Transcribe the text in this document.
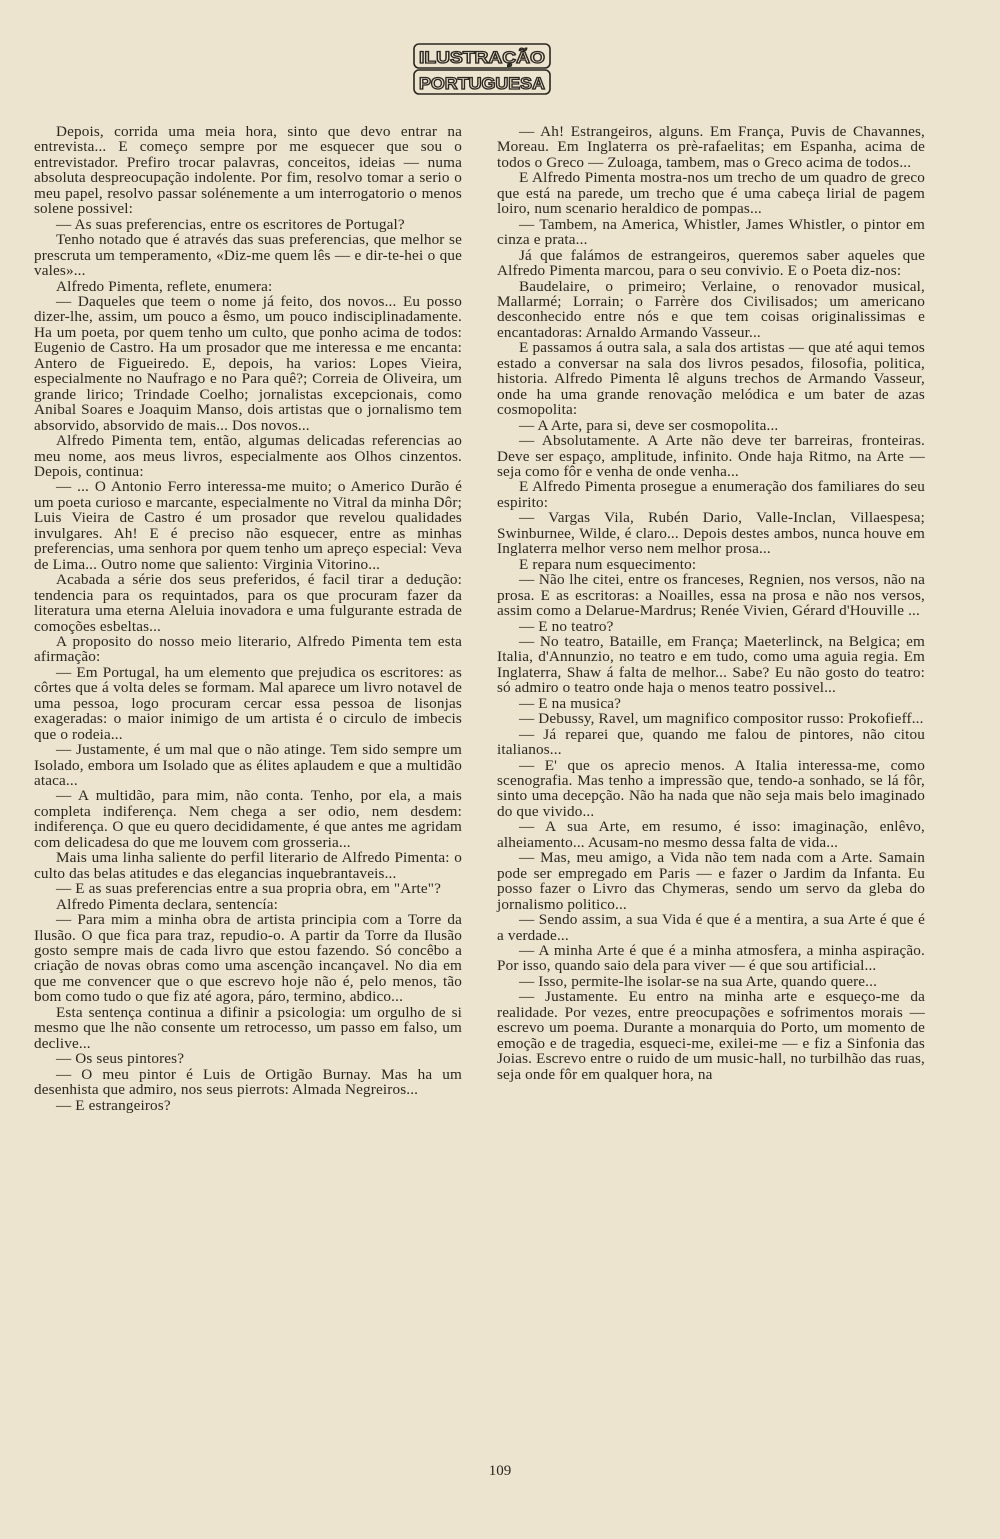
ILUSTRAÇÃO
PORTUGUESA

Depois, corrida uma meia hora, sinto que devo entrar na entrevista... E começo sempre por me esquecer que sou o entrevistador. Prefiro trocar palavras, conceitos, ideias — numa absoluta despreocupação indolente. Por fim, resolvo tomar a serio o meu papel, resolvo passar solénemente a um interrogatorio o menos solene possivel:

— As suas preferencias, entre os escritores de Portugal?

Tenho notado que é através das suas preferencias, que melhor se prescruta um temperamento, «Diz-me quem lês — e dir-te-hei o que vales»...

Alfredo Pimenta, reflete, enumera:

— Daqueles que teem o nome já feito, dos novos... Eu posso dizer-lhe, assim, um pouco a êsmo, um pouco indisciplinadamente. Ha um poeta, por quem tenho um culto, que ponho acima de todos: Eugenio de Castro. Ha um prosador que me interessa e me encanta: Antero de Figueiredo. E, depois, ha varios: Lopes Vieira, especialmente no Naufrago e no Para quê?; Correia de Oliveira, um grande lirico; Trindade Coelho; jornalistas excepcionais, como Anibal Soares e Joaquim Manso, dois artistas que o jornalismo tem absorvido, absorvido de mais... Dos novos...

Alfredo Pimenta tem, então, algumas delicadas referencias ao meu nome, aos meus livros, especialmente aos Olhos cinzentos. Depois, continua:

— ... O Antonio Ferro interessa-me muito; o Americo Durão é um poeta curioso e marcante, especialmente no Vitral da minha Dôr; Luis Vieira de Castro é um prosador que revelou qualidades invulgares. Ah! E é preciso não esquecer, entre as minhas preferencias, uma senhora por quem tenho um apreço especial: Veva de Lima... Outro nome que saliento: Virginia Vitorino...

Acabada a série dos seus preferidos, é facil tirar a dedução: tendencia para os requintados, para os que procuram fazer da literatura uma eterna Aleluia inovadora e uma fulgurante estrada de comoções esbeltas...

A proposito do nosso meio literario, Alfredo Pimenta tem esta afirmação:

— Em Portugal, ha um elemento que prejudica os escritores: as côrtes que á volta deles se formam. Mal aparece um livro notavel de uma pessoa, logo procuram cercar essa pessoa de lisonjas exageradas: o maior inimigo de um artista é o circulo de imbecis que o rodeia...

— Justamente, é um mal que o não atinge. Tem sido sempre um Isolado, embora um Isolado que as élites aplaudem e que a multidão ataca...

— A multidão, para mim, não conta. Tenho, por ela, a mais completa indiferença. Nem chega a ser odio, nem desdem: indiferença. O que eu quero decididamente, é que antes me agridam com delicadesa do que me louvem com grosseria...

Mais uma linha saliente do perfil literario de Alfredo Pimenta: o culto das belas atitudes e das elegancias inquebrantaveis...

— E as suas preferencias entre a sua propria obra, em "Arte"?

Alfredo Pimenta declara, sentencía:

— Para mim a minha obra de artista principia com a Torre da Ilusão. O que fica para traz, repudio-o. A partir da Torre da Ilusão gosto sempre mais de cada livro que estou fazendo. Só concêbo a criação de novas obras como uma ascenção incançavel. No dia em que me convencer que o que escrevo hoje não é, pelo menos, tão bom como tudo o que fiz até agora, páro, termino, abdico...

Esta sentença continua a difinir a psicologia: um orgulho de si mesmo que lhe não consente um retrocesso, um passo em falso, um declive...

— Os seus pintores?

— O meu pintor é Luis de Ortigão Burnay. Mas ha um desenhista que admiro, nos seus pierrots: Almada Negreiros...

— E estrangeiros?

— Ah! Estrangeiros, alguns. Em França, Puvis de Chavannes, Moreau. Em Inglaterra os prè-rafaelitas; em Espanha, acima de todos o Greco — Zuloaga, tambem, mas o Greco acima de todos...

E Alfredo Pimenta mostra-nos um trecho de um quadro de greco que está na parede, um trecho que é uma cabeça lirial de pagem loiro, num scenario heraldico de pompas...

— Tambem, na America, Whistler, James Whistler, o pintor em cinza e prata...

Já que falámos de estrangeiros, queremos saber aqueles que Alfredo Pimenta marcou, para o seu convivio. E o Poeta diz-nos:

Baudelaire, o primeiro; Verlaine, o renovador musical, Mallarmé; Lorrain; o Farrère dos Civilisados; um americano desconhecido entre nós e que tem coisas originalissimas e encantadoras: Arnaldo Armando Vasseur...

E passamos á outra sala, a sala dos artistas — que até aqui temos estado a conversar na sala dos livros pesados, filosofia, politica, historia. Alfredo Pimenta lê alguns trechos de Armando Vasseur, onde ha uma grande renovação melódica e um bater de azas cosmopolita:

— A Arte, para si, deve ser cosmopolita...

— Absolutamente. A Arte não deve ter barreiras, fronteiras. Deve ser espaço, amplitude, infinito. Onde haja Ritmo, na Arte — seja como fôr e venha de onde venha...

E Alfredo Pimenta prosegue a enumeração dos familiares do seu espirito:

— Vargas Vila, Rubén Dario, Valle-Inclan, Villaespesa; Swinburnee, Wilde, é claro... Depois destes ambos, nunca houve em Inglaterra melhor verso nem melhor prosa...

E repara num esquecimento:

— Não lhe citei, entre os franceses, Regnien, nos versos, não na prosa. E as escritoras: a Noailles, essa na prosa e não nos versos, assim como a Delarue-Mardrus; Renée Vivien, Gérard d'Houville ...

— E no teatro?

— No teatro, Bataille, em França; Maeterlinck, na Belgica; em Italia, d'Annunzio, no teatro e em tudo, como uma aguia regia. Em Inglaterra, Shaw á falta de melhor... Sabe? Eu não gosto do teatro: só admiro o teatro onde haja o menos teatro possivel...

— E na musica?

— Debussy, Ravel, um magnifico compositor russo: Prokofieff...

— Já reparei que, quando me falou de pintores, não citou italianos...

— E' que os aprecio menos. A Italia interessa-me, como scenografia. Mas tenho a impressão que, tendo-a sonhado, se lá fôr, sinto uma decepção. Não ha nada que não seja mais belo imaginado do que vivido...

— A sua Arte, em resumo, é isso: imaginação, enlêvo, alheiamento... Acusam-no mesmo dessa falta de vida...

— Mas, meu amigo, a Vida não tem nada com a Arte. Samain pode ser empregado em Paris — e fazer o Jardim da Infanta. Eu posso fazer o Livro das Chymeras, sendo um servo da gleba do jornalismo politico...

— Sendo assim, a sua Vida é que é a mentira, a sua Arte é que é a verdade...

— A minha Arte é que é a minha atmosfera, a minha aspiração. Por isso, quando saio dela para viver — é que sou artificial...

— Isso, permite-lhe isolar-se na sua Arte, quando quere...

— Justamente. Eu entro na minha arte e esqueço-me da realidade. Por vezes, entre preocupações e sofrimentos morais — escrevo um poema. Durante a monarquia do Porto, um momento de emoção e de tragedia, esqueci-me, exilei-me — e fiz a Sinfonia das Joias. Escrevo entre o ruido de um music-hall, no turbilhão das ruas, seja onde fôr em qualquer hora, na

109
